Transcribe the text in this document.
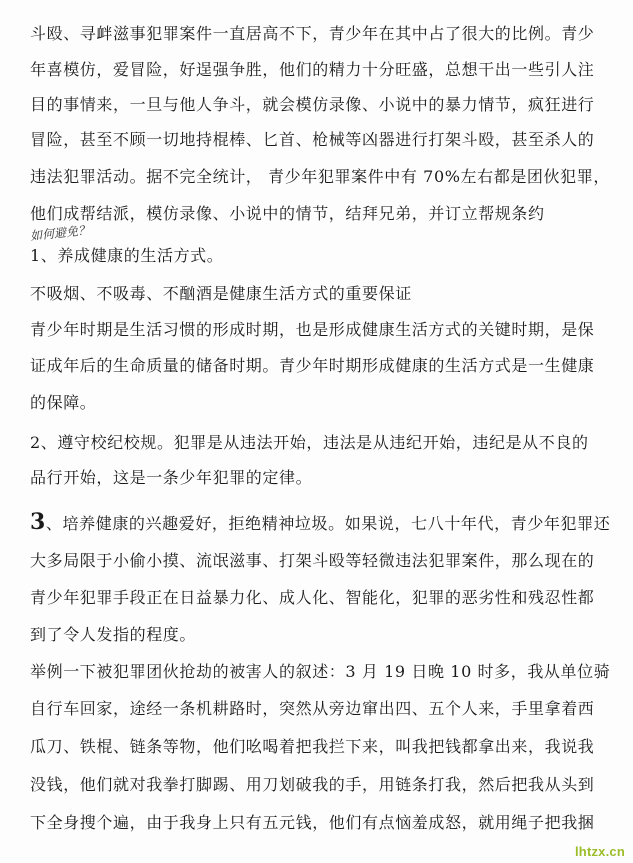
斗殴、寻衅滋事犯罪案件一直居高不下，青少年在其中占了很大的比例。青少
年喜模仿，爱冒险，好逞强争胜，他们的精力十分旺盛，总想干出一些引人注
目的事情来，一旦与他人争斗，就会模仿录像、小说中的暴力情节，疯狂进行
冒险，甚至不顾一切地持棍棒、匕首、枪械等凶器进行打架斗殴，甚至杀人的
违法犯罪活动。据不完全统计， 青少年犯罪案件中有 70%左右都是团伙犯罪，
他们成帮结派，模仿录像、小说中的情节，结拜兄弟，并订立帮规条约
如何避免？
1、养成健康的生活方式。
不吸烟、不吸毒、不酗酒是健康生活方式的重要保证
青少年时期是生活习惯的形成时期，也是形成健康生活方式的关键时期，是保
证成年后的生命质量的储备时期。青少年时期形成健康的生活方式是一生健康
的保障。
2、遵守校纪校规。犯罪是从违法开始，违法是从违纪开始，违纪是从不良的
品行开始，这是一条少年犯罪的定律。
3、培养健康的兴趣爱好，拒绝精神垃圾。如果说，七八十年代，青少年犯罪还
大多局限于小偷小摸、流氓滋事、打架斗殴等轻微违法犯罪案件，那么现在的
青少年犯罪手段正在日益暴力化、成人化、智能化，犯罪的恶劣性和残忍性都
到了令人发指的程度。
举例一下被犯罪团伙抢劫的被害人的叙述：3 月 19 日晚 10 时多，我从单位骑
自行车回家，途经一条机耕路时，突然从旁边窜出四、五个人来，手里拿着西
瓜刀、铁棍、链条等物，他们吆喝着把我拦下来，叫我把钱都拿出来，我说我
没钱，他们就对我拳打脚踢、用刀划破我的手，用链条打我，然后把我从头到
下全身搜个遍，由于我身上只有五元钱，他们有点恼羞成怒，就用绳子把我捆
lhtzx.cn
